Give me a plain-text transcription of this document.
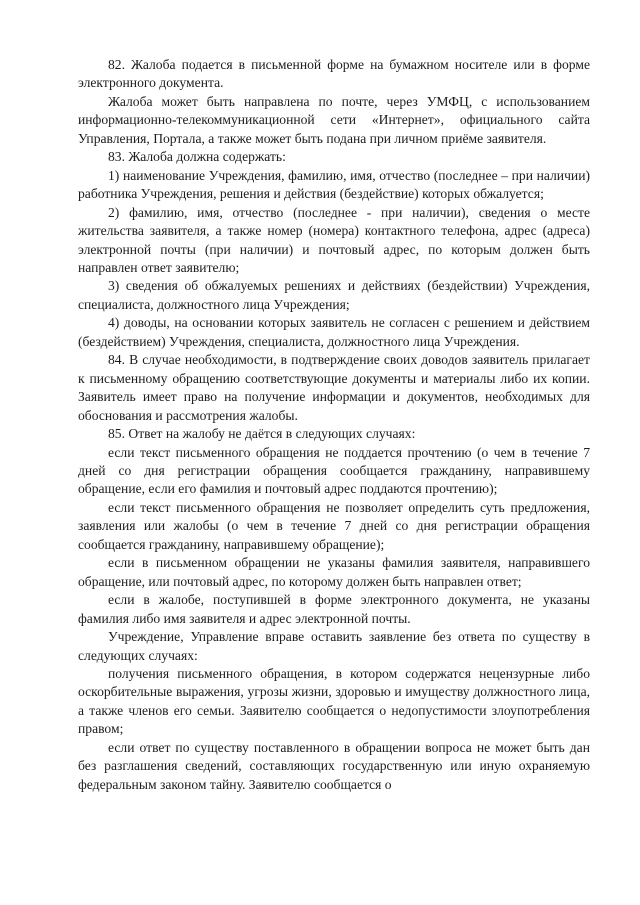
82. Жалоба подается в письменной форме на бумажном носителе или в форме электронного документа.

Жалоба может быть направлена по почте, через УМФЦ, с использованием информационно-телекоммуникационной сети «Интернет», официального сайта Управления, Портала, а также может быть подана при личном приёме заявителя.

83. Жалоба должна содержать:

1) наименование Учреждения, фамилию, имя, отчество (последнее – при наличии) работника Учреждения, решения и действия (бездействие) которых обжалуется;

2) фамилию, имя, отчество (последнее - при наличии), сведения о месте жительства заявителя, а также номер (номера) контактного телефона, адрес (адреса) электронной почты (при наличии) и почтовый адрес, по которым должен быть направлен ответ заявителю;

3) сведения об обжалуемых решениях и действиях (бездействии) Учреждения, специалиста, должностного лица Учреждения;

4) доводы, на основании которых заявитель не согласен с решением и действием (бездействием) Учреждения, специалиста, должностного лица Учреждения.

84. В случае необходимости, в подтверждение своих доводов заявитель прилагает к письменному обращению соответствующие документы и материалы либо их копии. Заявитель имеет право на получение информации и документов, необходимых для обоснования и рассмотрения жалобы.

85. Ответ на жалобу не даётся в следующих случаях:

если текст письменного обращения не поддается прочтению (о чем в течение 7 дней со дня регистрации обращения сообщается гражданину, направившему обращение, если его фамилия и почтовый адрес поддаются прочтению);

если текст письменного обращения не позволяет определить суть предложения, заявления или жалобы (о чем в течение 7 дней со дня регистрации обращения сообщается гражданину, направившему обращение);

если в письменном обращении не указаны фамилия заявителя, направившего обращение, или почтовый адрес, по которому должен быть направлен ответ;

если в жалобе, поступившей в форме электронного документа, не указаны фамилия либо имя заявителя и адрес электронной почты.

Учреждение, Управление вправе оставить заявление без ответа по существу в следующих случаях:

получения письменного обращения, в котором содержатся нецензурные либо оскорбительные выражения, угрозы жизни, здоровью и имуществу должностного лица, а также членов его семьи. Заявителю сообщается о недопустимости злоупотребления правом;

если ответ по существу поставленного в обращении вопроса не может быть дан без разглашения сведений, составляющих государственную или иную охраняемую федеральным законом тайну. Заявителю сообщается о
